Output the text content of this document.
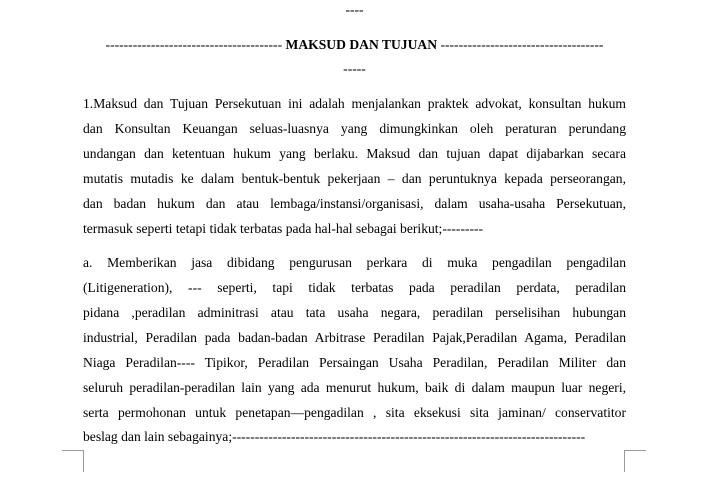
----
--------------------------------------- MAKSUD DAN TUJUAN ------------------------------------
-----
1.Maksud dan Tujuan Persekutuan ini adalah menjalankan praktek advokat, konsultan hukum
dan Konsultan Keuangan seluas-luasnya yang dimungkinkan oleh peraturan perundang
undangan dan ketentuan hukum yang berlaku. Maksud dan tujuan dapat dijabarkan secara
mutatis mutadis ke dalam bentuk-bentuk pekerjaan – dan peruntuknya kepada perseorangan,
dan badan hukum dan atau lembaga/instansi/organisasi, dalam usaha-usaha Persekutuan,
termasuk seperti tetapi tidak terbatas pada hal-hal sebagai berikut;---------
a. Memberikan jasa dibidang pengurusan perkara di muka pengadilan pengadilan
(Litigeneration), --- seperti, tapi tidak terbatas pada peradilan perdata, peradilan
pidana ,peradilan adminitrasi atau tata usaha negara, peradilan perselisihan hubungan
industrial, Peradilan pada badan-badan Arbitrase Peradilan Pajak,Peradilan Agama, Peradilan
Niaga Peradilan---- Tipikor, Peradilan Persaingan Usaha Peradilan, Peradilan Militer dan
seluruh peradilan-peradilan lain yang ada menurut hukum, baik di dalam maupun luar negeri,
serta permohonan untuk penetapan—pengadilan , sita eksekusi sita jaminan/ conservatitor
beslag dan lain sebagainya;------------------------------------------------------------------------------
